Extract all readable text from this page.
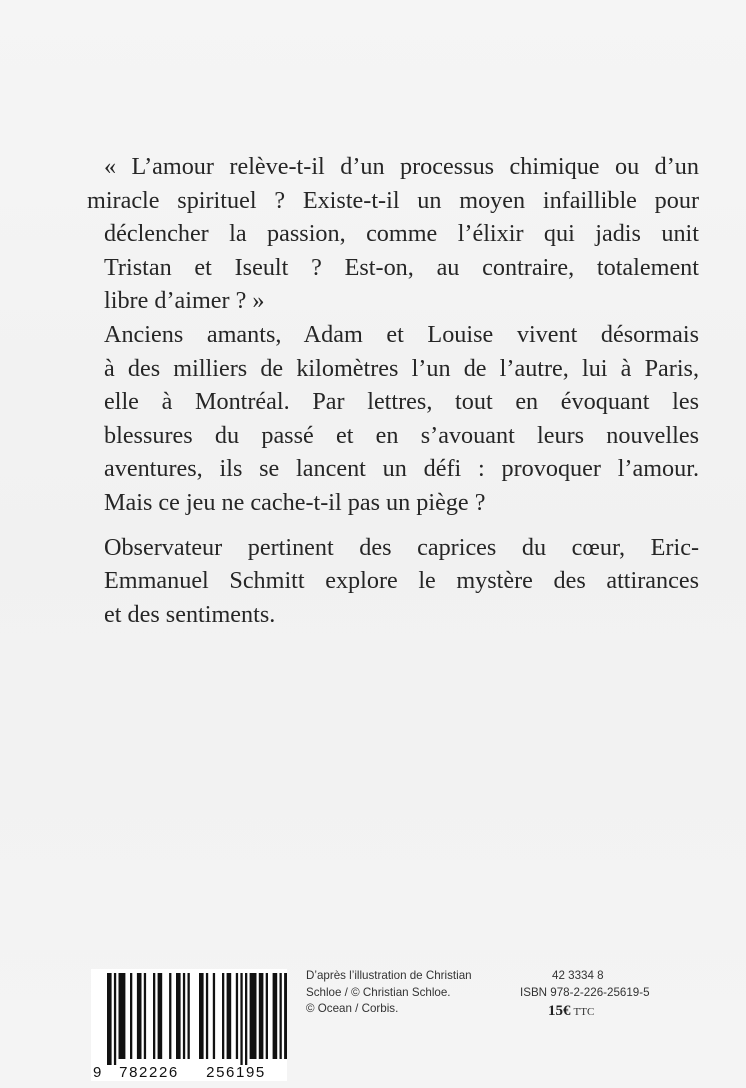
« L’amour relève-t-il d’un processus chimique ou d’un
miracle spirituel ? Existe-t-il un moyen infaillible pour
déclencher la passion, comme l’élixir qui jadis unit
Tristan et Iseult ? Est-on, au contraire, totalement
libre d’aimer ? »

Anciens amants, Adam et Louise vivent désormais
à des milliers de kilomètres l’un de l’autre, lui à Paris,
elle à Montréal. Par lettres, tout en évoquant les
blessures du passé et en s’avouant leurs nouvelles
aventures, ils se lancent un défi : provoquer l’amour.
Mais ce jeu ne cache-t-il pas un piège ?

Observateur pertinent des caprices du cœur, Eric-
Emmanuel Schmitt explore le mystère des attirances
et des sentiments.

9 782226 256195
D’après l’illustration de Christian
Schloe / © Christian Schloe.
© Ocean / Corbis.
42 3334 8
ISBN 978-2-226-25619-5
15€ TTC
